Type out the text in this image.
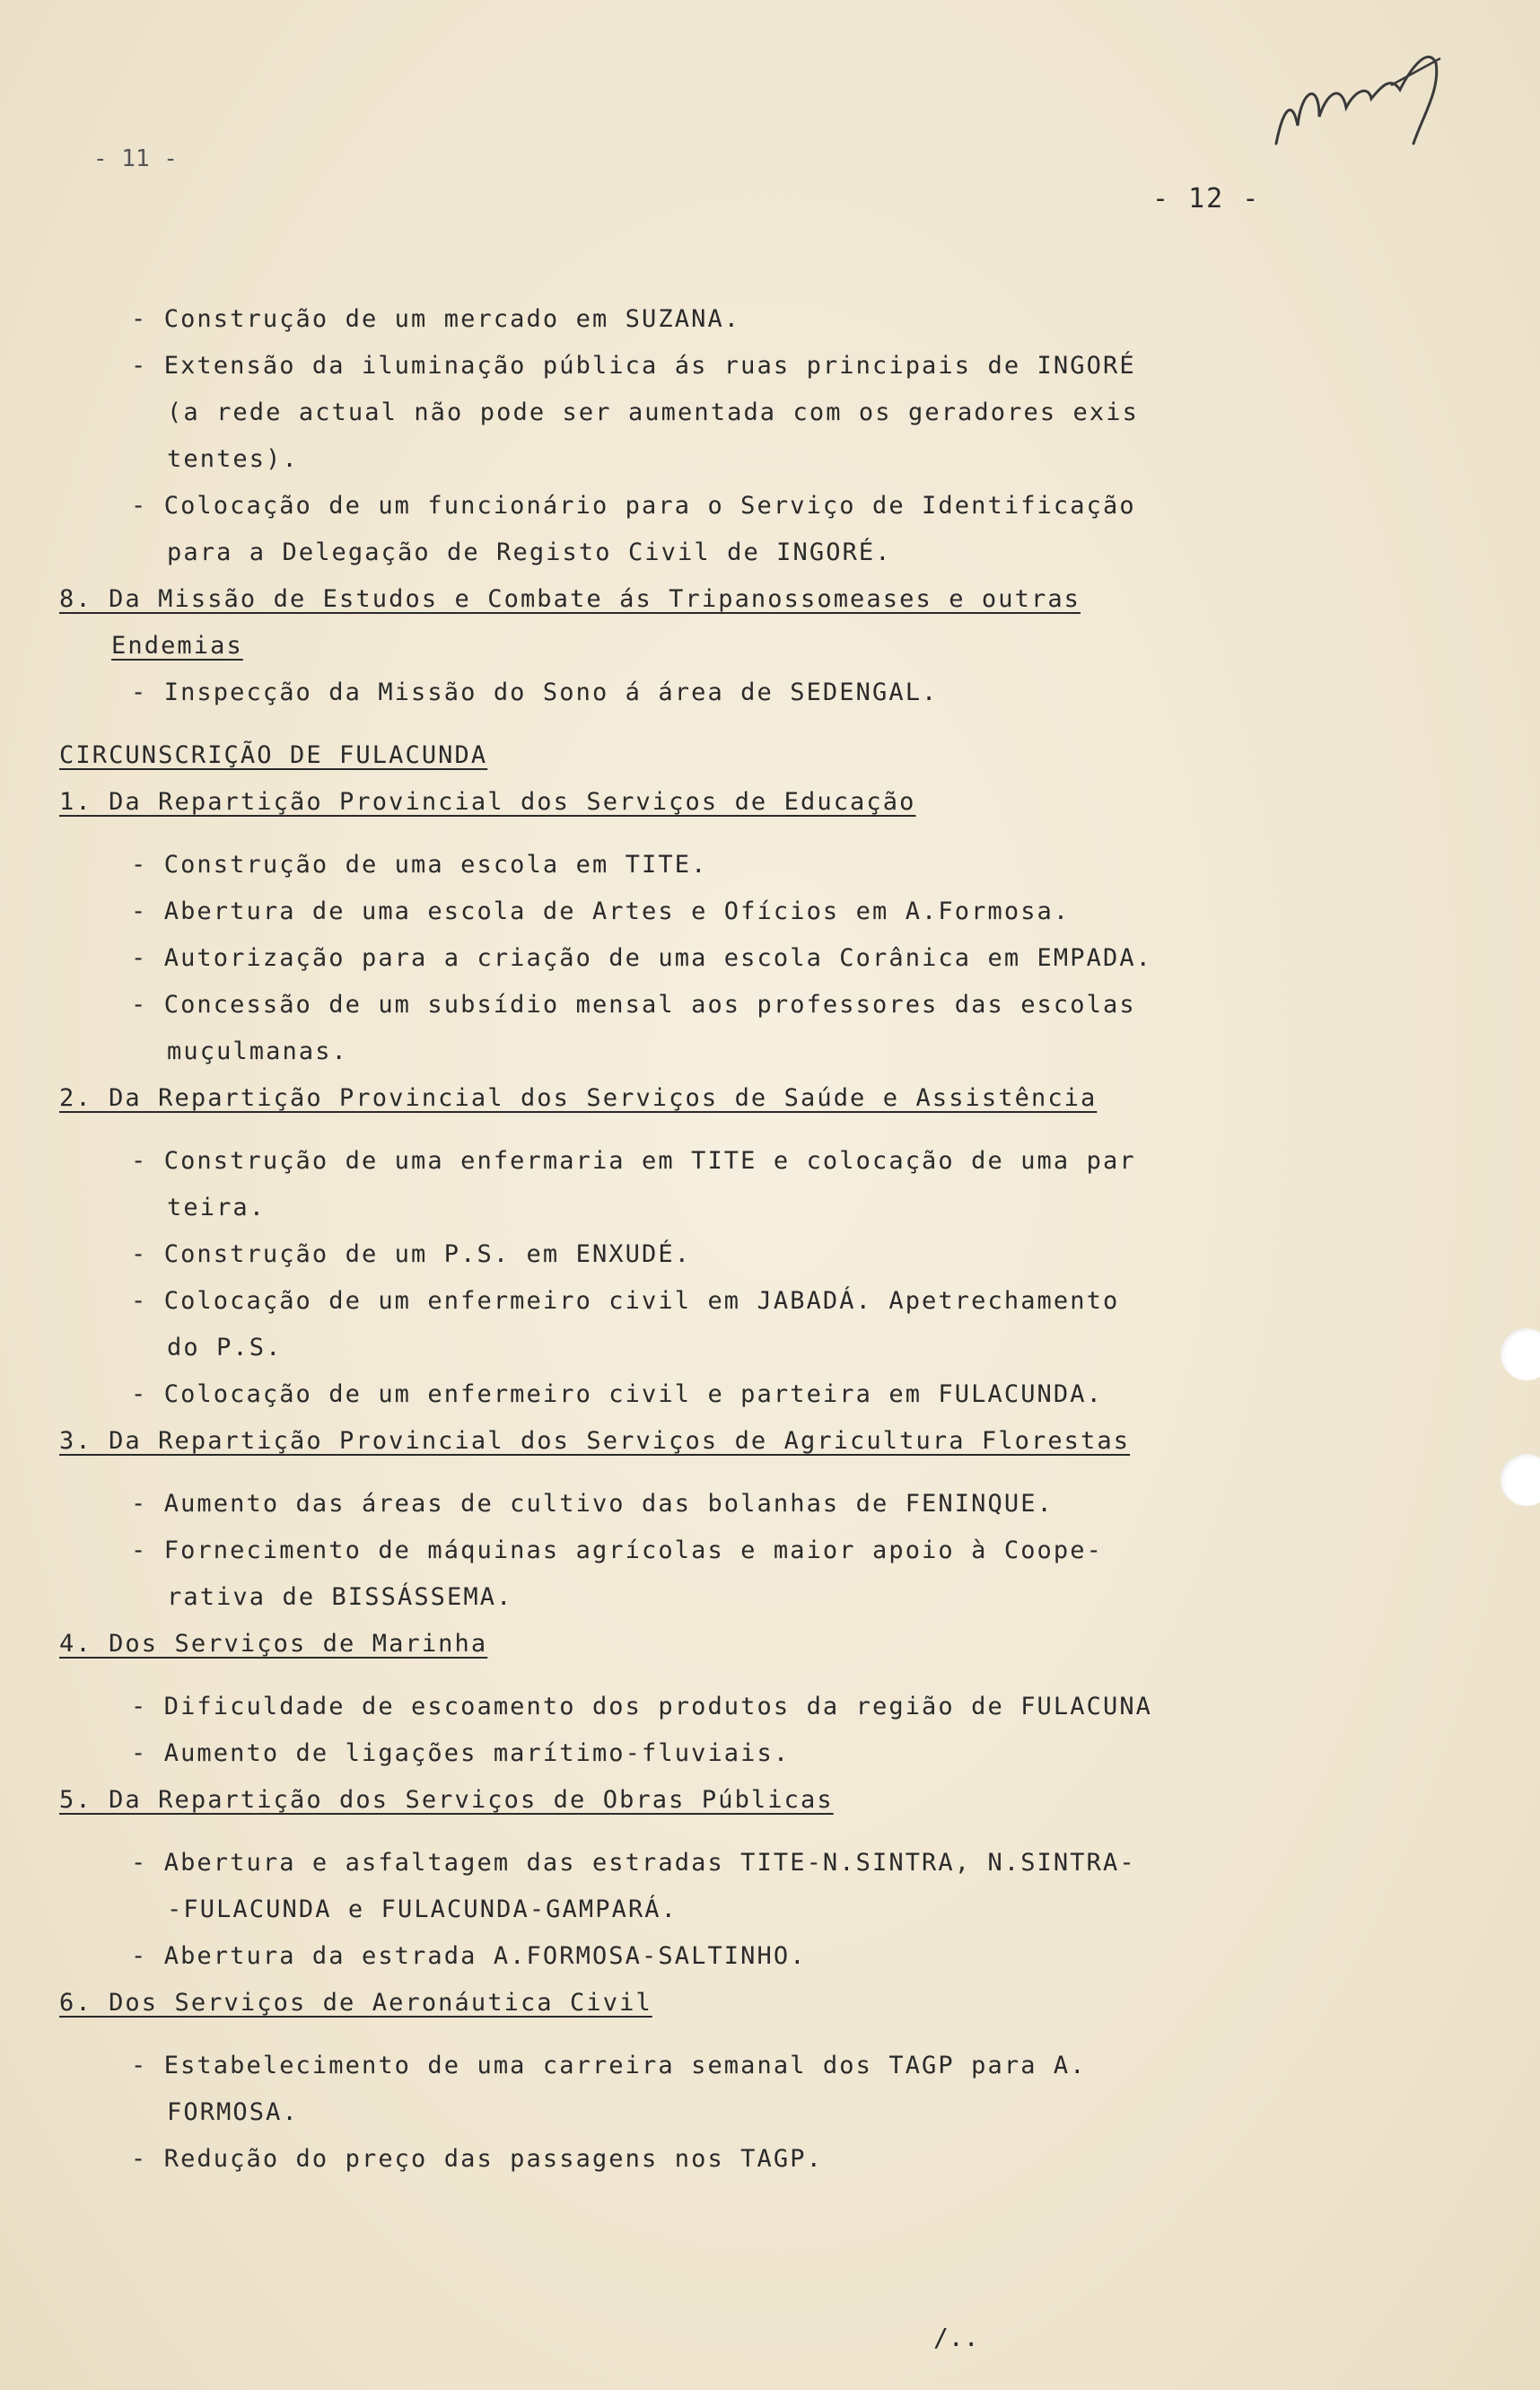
- 11 -
- 12 -
- Construção de um mercado em SUZANA.
- Extensão da iluminação pública ás ruas principais de INGORÉ
(a rede actual não pode ser aumentada com os geradores exis
tentes).
- Colocação de um funcionário para o Serviço de Identificação
para a Delegação de Registo Civil de INGORÉ.
8. Da Missão de Estudos e Combate ás Tripanossomeases e outras
Endemias
- Inspecção da Missão do Sono á área de SEDENGAL.
CIRCUNSCRIÇÃO DE FULACUNDA
1. Da Repartição Provincial dos Serviços de Educação
- Construção de uma escola em TITE.
- Abertura de uma escola de Artes e Ofícios em A.Formosa.
- Autorização para a criação de uma escola Corânica em EMPADA.
- Concessão de um subsídio mensal aos professores das escolas
muçulmanas.
2. Da Repartição Provincial dos Serviços de Saúde e Assistência
- Construção de uma enfermaria em TITE e colocação de uma par
teira.
- Construção de um P.S. em ENXUDÉ.
- Colocação de um enfermeiro civil em JABADÁ. Apetrechamento
do P.S.
- Colocação de um enfermeiro civil e parteira em FULACUNDA.
3. Da Repartição Provincial dos Serviços de Agricultura Florestas
- Aumento das áreas de cultivo das bolanhas de FENINQUE.
- Fornecimento de máquinas agrícolas e maior apoio à Coope-
rativa de BISSÁSSEMA.
4. Dos Serviços de Marinha
- Dificuldade de escoamento dos produtos da região de FULACUNA
- Aumento de ligações marítimo-fluviais.
5. Da Repartição dos Serviços de Obras Públicas
- Abertura e asfaltagem das estradas TITE-N.SINTRA, N.SINTRA-
-FULACUNDA e FULACUNDA-GAMPARÁ.
- Abertura da estrada A.FORMOSA-SALTINHO.
6. Dos Serviços de Aeronáutica Civil
- Estabelecimento de uma carreira semanal dos TAGP para A.
FORMOSA.
- Redução do preço das passagens nos TAGP.
/..
